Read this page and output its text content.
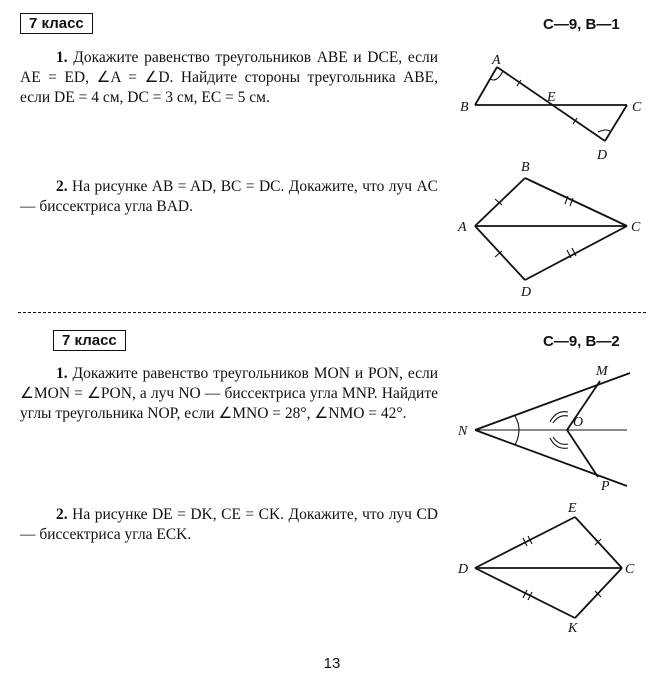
7 класс	С—9, В—1
1. Докажите равенство треугольников ABE и DCE, если AE = ED, ∠A = ∠D. Найдите стороны треугольника ABE, если DE = 4 см, DC = 3 см, EC = 5 см.
2. На рисунке AB = AD, BC = DC. Докажите, что луч AC — биссектриса угла BAD.
A
B
E
C
D
A
B
C
D
7 класс	С—9, В—2
1. Докажите равенство треугольников MON и PON, если ∠MON = ∠PON, а луч NO — биссектриса угла MNP. Найдите углы треугольника NOP, если ∠MNO = 28°, ∠NMO = 42°.
2. На рисунке DE = DK, CE = CK. Докажите, что луч CD — биссектриса угла ECK.
N
M
O
P
D
E
C
K
13
